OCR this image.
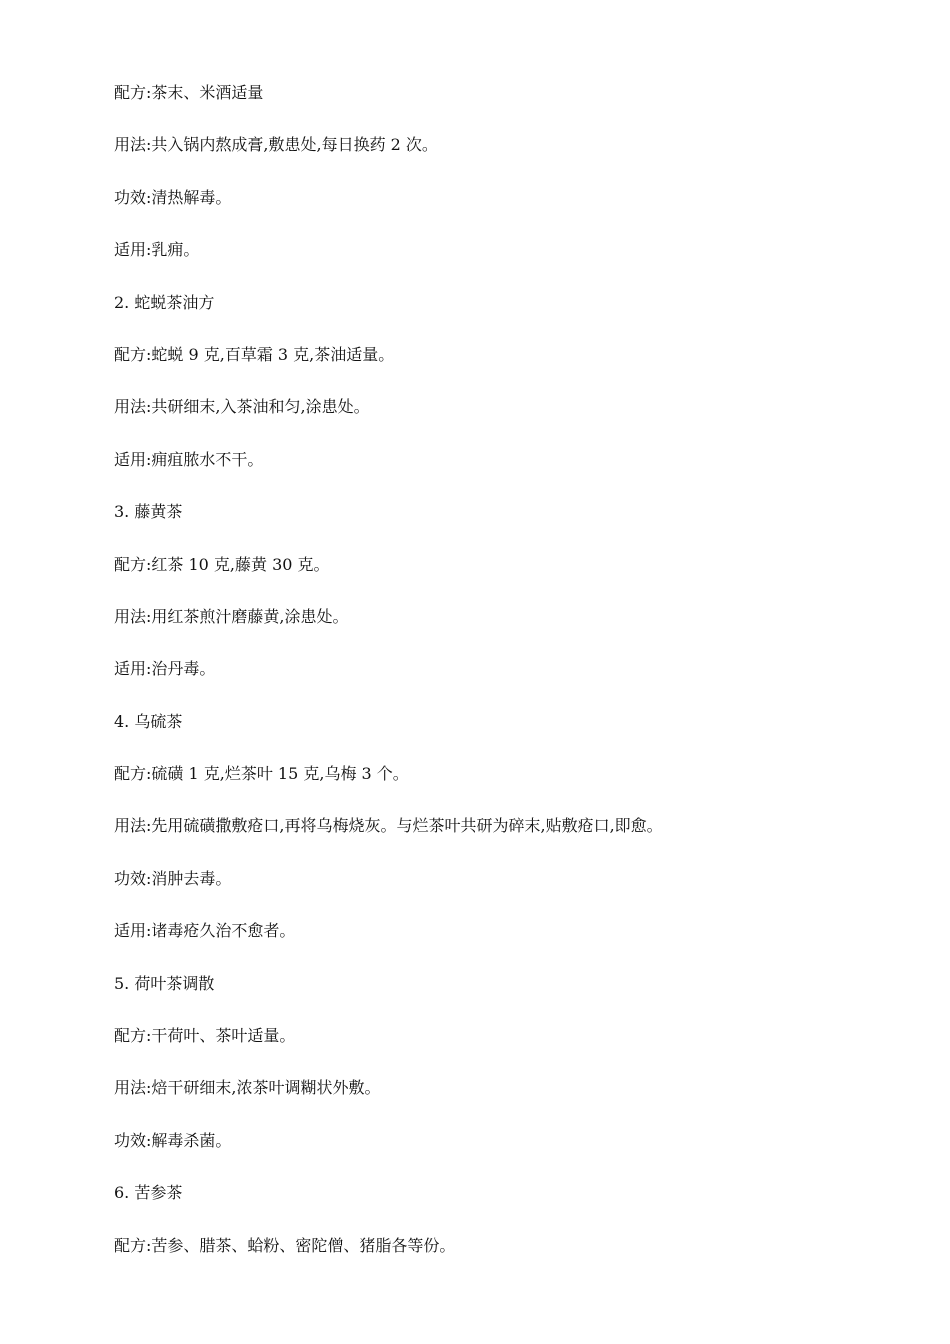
配方:茶末、米酒适量
用法:共入锅内熬成膏,敷患处,每日换药 2 次。
功效:清热解毒。
适用:乳痈。
2. 蛇蜕茶油方
配方:蛇蜕 9 克,百草霜 3 克,茶油适量。
用法:共研细末,入茶油和匀,涂患处。
适用:痈疽脓水不干。
3. 藤黄茶
配方:红茶 10 克,藤黄 30 克。
用法:用红茶煎汁磨藤黄,涂患处。
适用:治丹毒。
4. 乌硫茶
配方:硫磺 1 克,烂茶叶 15 克,乌梅 3 个。
用法:先用硫磺撒敷疮口,再将乌梅烧灰。与烂茶叶共研为碎末,贴敷疮口,即愈。
功效:消肿去毒。
适用:诸毒疮久治不愈者。
5. 荷叶茶调散
配方:干荷叶、茶叶适量。
用法:焙干研细末,浓茶叶调糊状外敷。
功效:解毒杀菌。
6. 苦参茶
配方:苦参、腊茶、蛤粉、密陀僧、猪脂各等份。
